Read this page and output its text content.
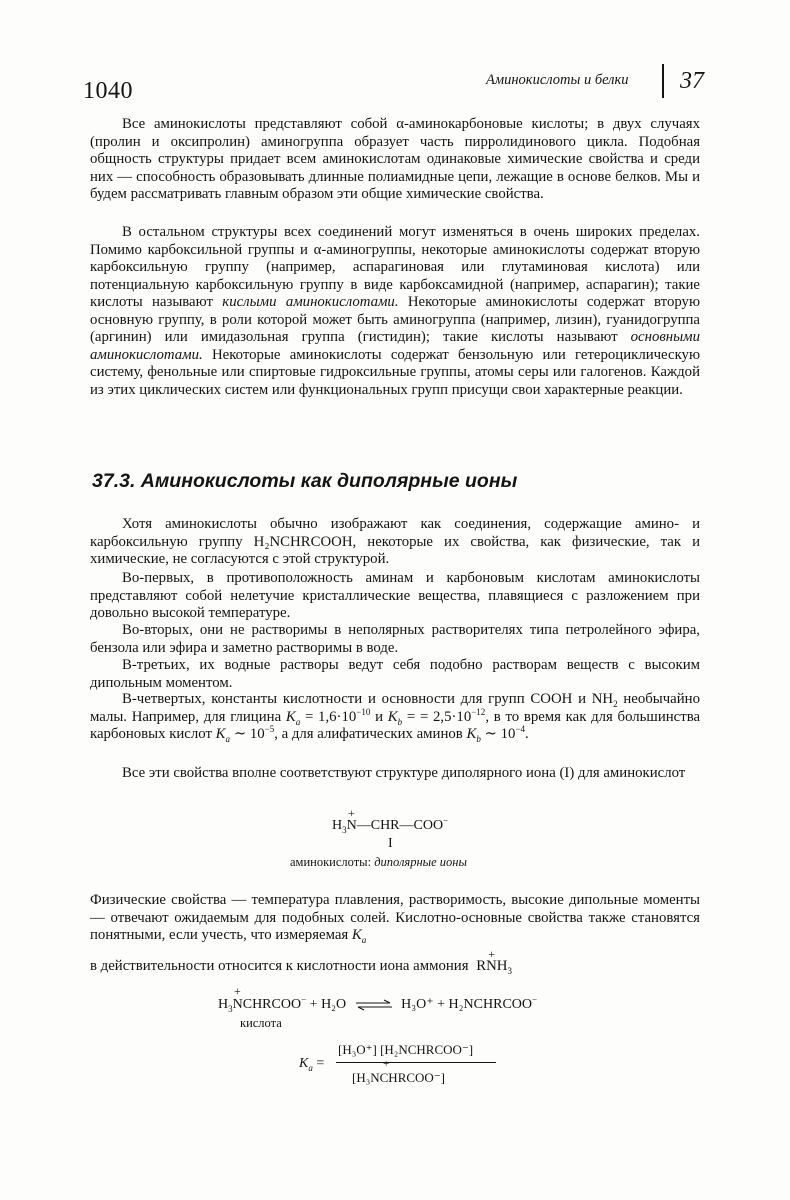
1040	Аминокислоты и белки 37
Все аминокислоты представляют собой α-аминокарбоновые кислоты; в двух случаях (пролин и оксипролин) аминогруппа образует часть пирролидинового цикла. Подобная общность структуры придает всем аминокислотам одинаковые химические свойства и среди них — способность образовывать длинные полиамидные цепи, лежащие в основе белков. Мы и будем рассматривать главным образом эти общие химические свойства.
В остальном структуры всех соединений могут изменяться в очень широких пределах. Помимо карбоксильной группы и α-аминогруппы, некоторые аминокислоты содержат вторую карбоксильную группу (например, аспарагиновая или глутаминовая кислота) или потенциальную карбоксильную группу в виде карбоксамидной (например, аспарагин); такие кислоты называют кислыми аминокислотами. Некоторые аминокислоты содержат вторую основную группу, в роли которой может быть аминогруппа (например, лизин), гуанидогруппа (аргинин) или имидазольная группа (гистидин); такие кислоты называют основными аминокислотами. Некоторые аминокислоты содержат бензольную или гетероциклическую систему, фенольные или спиртовые гидроксильные группы, атомы серы или галогенов. Каждой из этих циклических систем или функциональных групп присущи свои характерные реакции.
37.3. Аминокислоты как диполярные ионы
Хотя аминокислоты обычно изображают как соединения, содержащие амино- и карбоксильную группу H₂NCHRCOOH, некоторые их свойства, как физические, так и химические, не согласуются с этой структурой.
Во-первых, в противоположность аминам и карбоновым кислотам аминокислоты представляют собой нелетучие кристаллические вещества, плавящиеся с разложением при довольно высокой температуре.
Во-вторых, они не растворимы в неполярных растворителях типа петролейного эфира, бензола или эфира и заметно растворимы в воде.
В-третьих, их водные растворы ведут себя подобно растворам веществ с высоким дипольным моментом.
В-четвертых, константы кислотности и основности для групп COOH и $NH_2$ необычайно малы. Например, для глицина $K_a = 1,6\cdot 10^{-10}$ и $K_b$ = = $2,5\cdot 10^{-12}$, в то время как для большинства карбоновых кислот $K_a$ ∼ $10^{-5}$, а для алифатических аминов $K_b$ ∼ $10^{-4}$.
Все эти свойства вполне соответствуют структуре диполярного иона (I) для аминокислот
+
$H_3N—CHR—COO^-$
I
аминокислоты: диполярные ионы
Физические свойства — температура плавления, растворимость, высокие дипольные моменты — отвечают ожидаемым для подобных солей. Кислотно-основные свойства также становятся понятными, если учесть, что измеряемая $K_a$
в действительности относится к кислотности иона аммония
+
$RNH_3$
+
$H_3NCHRCOO^- + H_2O$ ⇌ H₃O⁺ + H₂NCHRCOO−
кислота
$K_a$ =
[H₃O⁺] [H₂NCHRCOO⁻]
+
[H₃NCHRCOO⁻]
